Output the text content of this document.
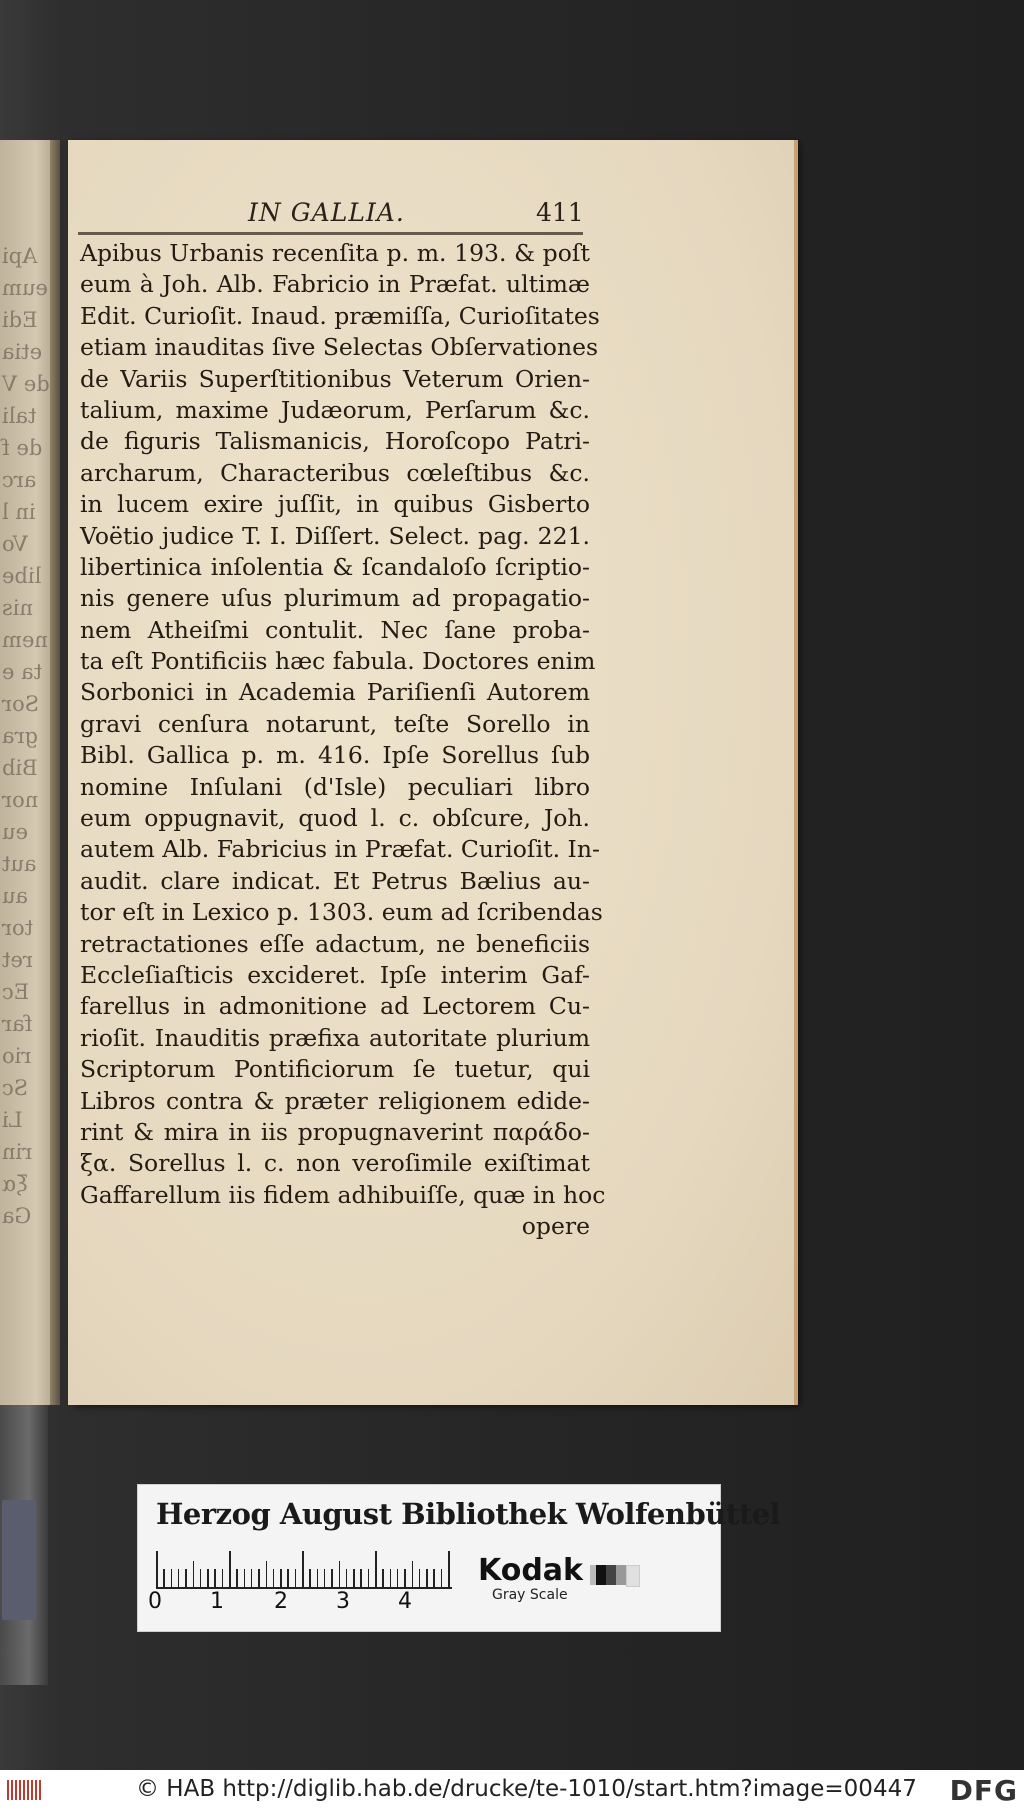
Api
eum
Edi
etia
de V
tali
de f
arc
in l
Vo
libe
nis
nem
ta e
Sor
gra
Bib
nor
eu
aut
au
tor
ret
Ec
far
rio
Sc
Li
rin
ξα
Ga
IN GALLIA.	411
Apibus Urbanis recenſita p. m. 193. & poſt
eum à Joh. Alb. Fabricio in Præfat. ultimæ
Edit. Curioſit. Inaud. præmiſſa, Curioſitates
etiam inauditas ſive Selectas Obſervationes
de Variis Superſtitionibus Veterum Orien-
talium, maxime Judæorum, Perſarum &c.
de figuris Talismanicis, Horoſcopo Patri-
archarum, Characteribus cœleſtibus &c.
in lucem exire juſſit, in quibus Gisberto
Voëtio judice T. I. Diſſert. Select. pag. 221.
libertinica inſolentia & ſcandaloſo ſcriptio-
nis genere uſus plurimum ad propagatio-
nem Atheiſmi contulit. Nec ſane proba-
ta eſt Pontificiis hæc fabula. Doctores enim
Sorbonici in Academia Pariſienſi Autorem
gravi cenſura notarunt, teſte Sorello in
Bibl. Gallica p. m. 416. Ipſe Sorellus ſub
nomine Inſulani (d'Isle) peculiari libro
eum oppugnavit, quod l. c. obſcure, Joh.
autem Alb. Fabricius in Præfat. Curioſit. In-
audit. clare indicat. Et Petrus Bælius au-
tor eſt in Lexico p. 1303. eum ad ſcribendas
retractationes eſſe adactum, ne beneficiis
Eccleſiaſticis excideret. Ipſe interim Gaf-
farellus in admonitione ad Lectorem Cu-
rioſit. Inauditis præfixa autoritate plurium
Scriptorum Pontificiorum ſe tuetur, qui
Libros contra & præter religionem edide-
rint & mira in iis propugnaverint παράδο-
ξα. Sorellus l. c. non veroſimile exiſtimat
Gaffarellum iis fidem adhibuiſſe, quæ in hoc
opere
Herzog August Bibliothek Wolfenbüttel
0 1 2 3 4
Kodak
Gray Scale
© HAB http://diglib.hab.de/drucke/te-1010/start.htm?image=00447 DFG
